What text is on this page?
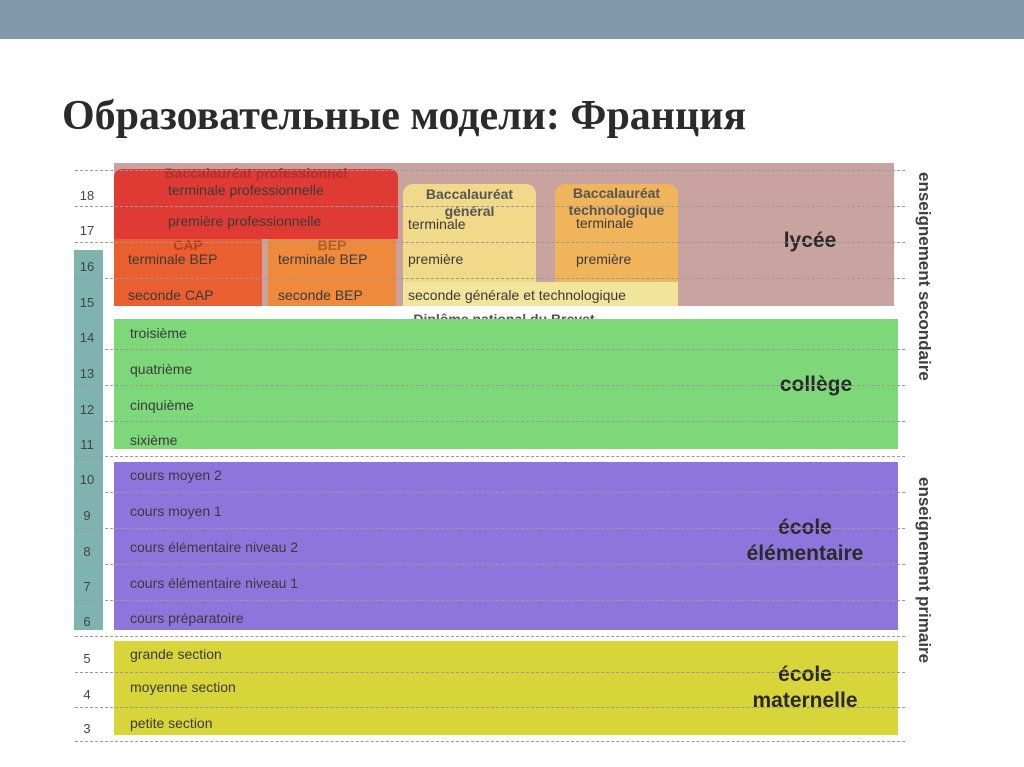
Образовательные модели: Франция
Baccalauréat professionnel
terminale professionnelle
première professionnelle
CAP
terminale BEP
seconde CAP
BEP
terminale BEP
seconde BEP
Baccalauréat
général
terminale
première
Baccalauréat
technologique
terminale
première
seconde générale et technologique
lycée
troisième
quatrième
cinquième
sixième
collège
cours moyen 2
cours moyen 1
cours élémentaire niveau 2
cours élémentaire niveau 1
cours préparatoire
école
élémentaire
grande section
moyenne section
petite section
école
maternelle
18
17
16
15
14
13
12
11
10
9
8
7
6
5
4
3
enseignement secondaire
enseignement primaire
